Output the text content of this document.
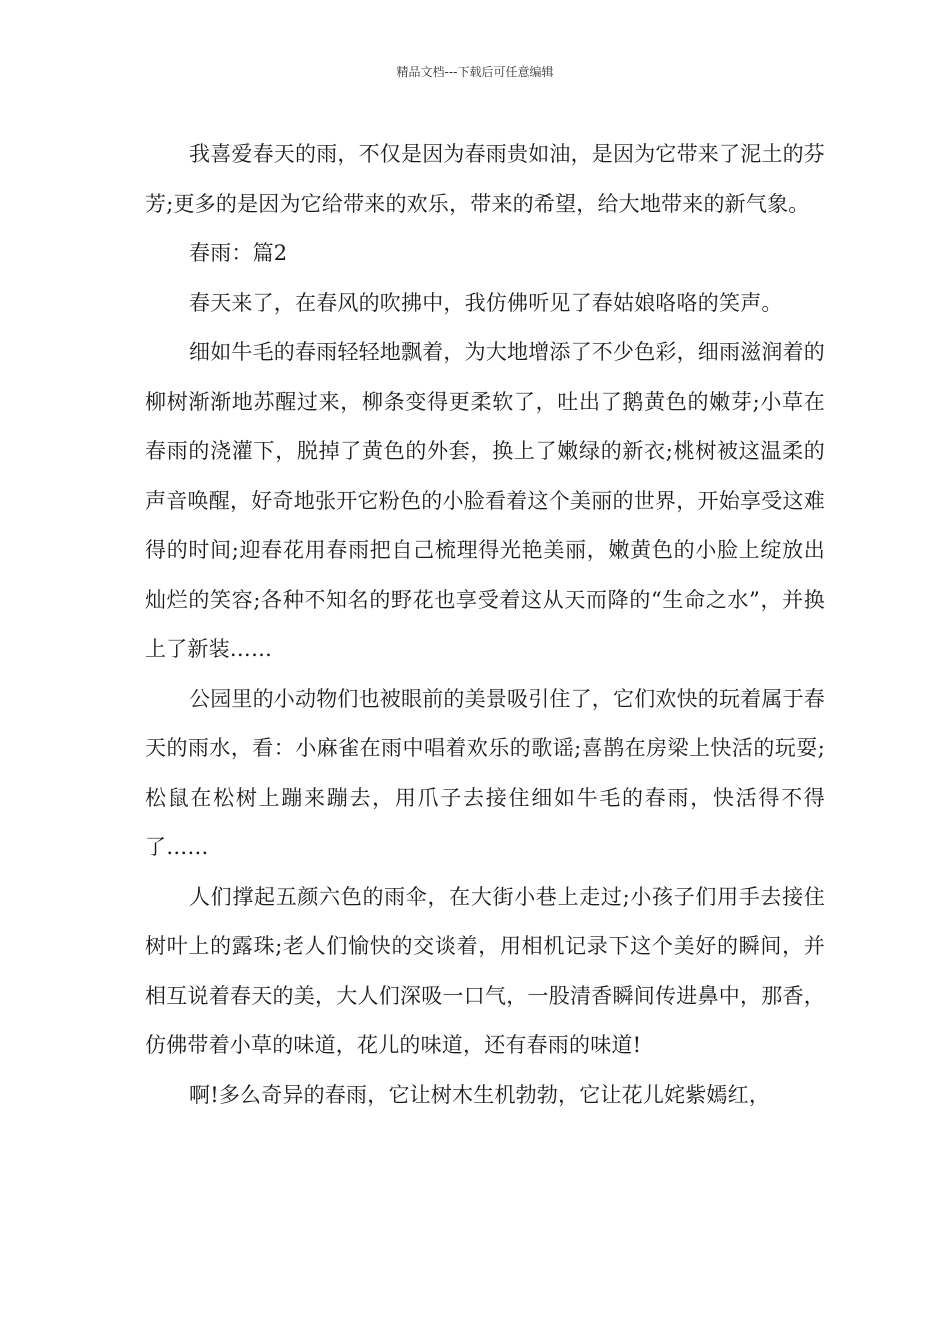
精品文档---下载后可任意编辑

我喜爱春天的雨，不仅是因为春雨贵如油，是因为它带来了泥土的芬芳;更多的是因为它给带来的欢乐，带来的希望，给大地带来的新气象。

春雨：篇2

春天来了，在春风的吹拂中，我仿佛听见了春姑娘咯咯的笑声。

细如牛毛的春雨轻轻地飘着，为大地增添了不少色彩，细雨滋润着的柳树渐渐地苏醒过来，柳条变得更柔软了，吐出了鹅黄色的嫩芽;小草在春雨的浇灌下，脱掉了黄色的外套，换上了嫩绿的新衣;桃树被这温柔的声音唤醒，好奇地张开它粉色的小脸看着这个美丽的世界，开始享受这难得的时间;迎春花用春雨把自己梳理得光艳美丽，嫩黄色的小脸上绽放出灿烂的笑容;各种不知名的野花也享受着这从天而降的“生命之水”，并换上了新装……

公园里的小动物们也被眼前的美景吸引住了，它们欢快的玩着属于春天的雨水，看：小麻雀在雨中唱着欢乐的歌谣;喜鹊在房梁上快活的玩耍;松鼠在松树上蹦来蹦去，用爪子去接住细如牛毛的春雨，快活得不得了……

人们撑起五颜六色的雨伞，在大街小巷上走过;小孩子们用手去接住树叶上的露珠;老人们愉快的交谈着，用相机记录下这个美好的瞬间，并相互说着春天的美，大人们深吸一口气，一股清香瞬间传进鼻中，那香，仿佛带着小草的味道，花儿的味道，还有春雨的味道!

啊!多么奇异的春雨，它让树木生机勃勃，它让花儿姹紫嫣红，
